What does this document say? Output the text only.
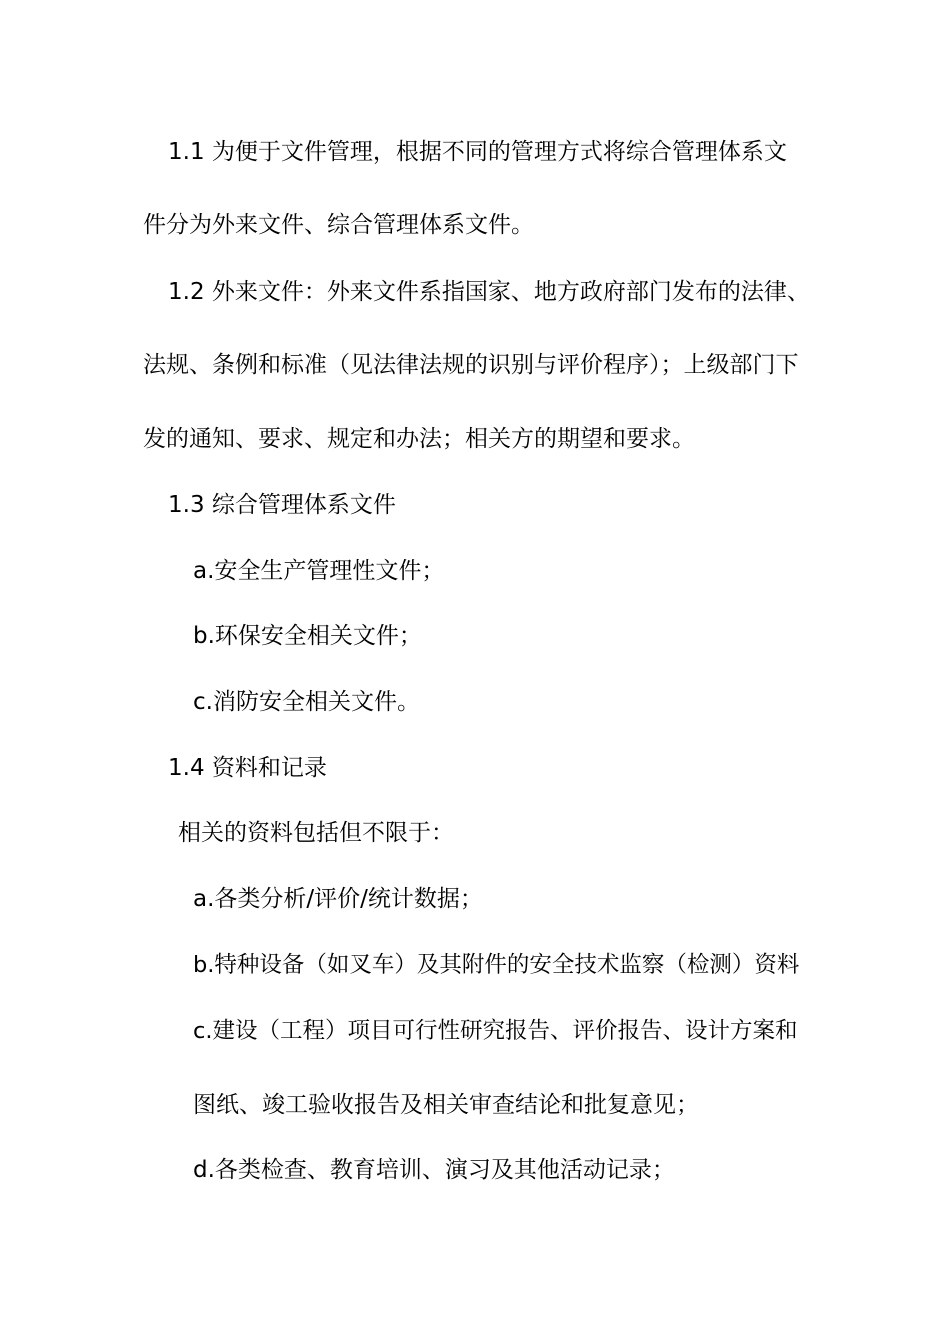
1.1 为便于文件管理，根据不同的管理方式将综合管理体系文
件分为外来文件、综合管理体系文件。
1.2 外来文件：外来文件系指国家、地方政府部门发布的法律、
法规、条例和标准（见法律法规的识别与评价程序）；上级部门下
发的通知、要求、规定和办法；相关方的期望和要求。
1.3 综合管理体系文件
a.安全生产管理性文件；
b.环保安全相关文件；
c.消防安全相关文件。
1.4 资料和记录
相关的资料包括但不限于：
a.各类分析/评价/统计数据；
b.特种设备（如叉车）及其附件的安全技术监察（检测）资料
c.建设（工程）项目可行性研究报告、评价报告、设计方案和
图纸、竣工验收报告及相关审查结论和批复意见；
d.各类检查、教育培训、演习及其他活动记录；
